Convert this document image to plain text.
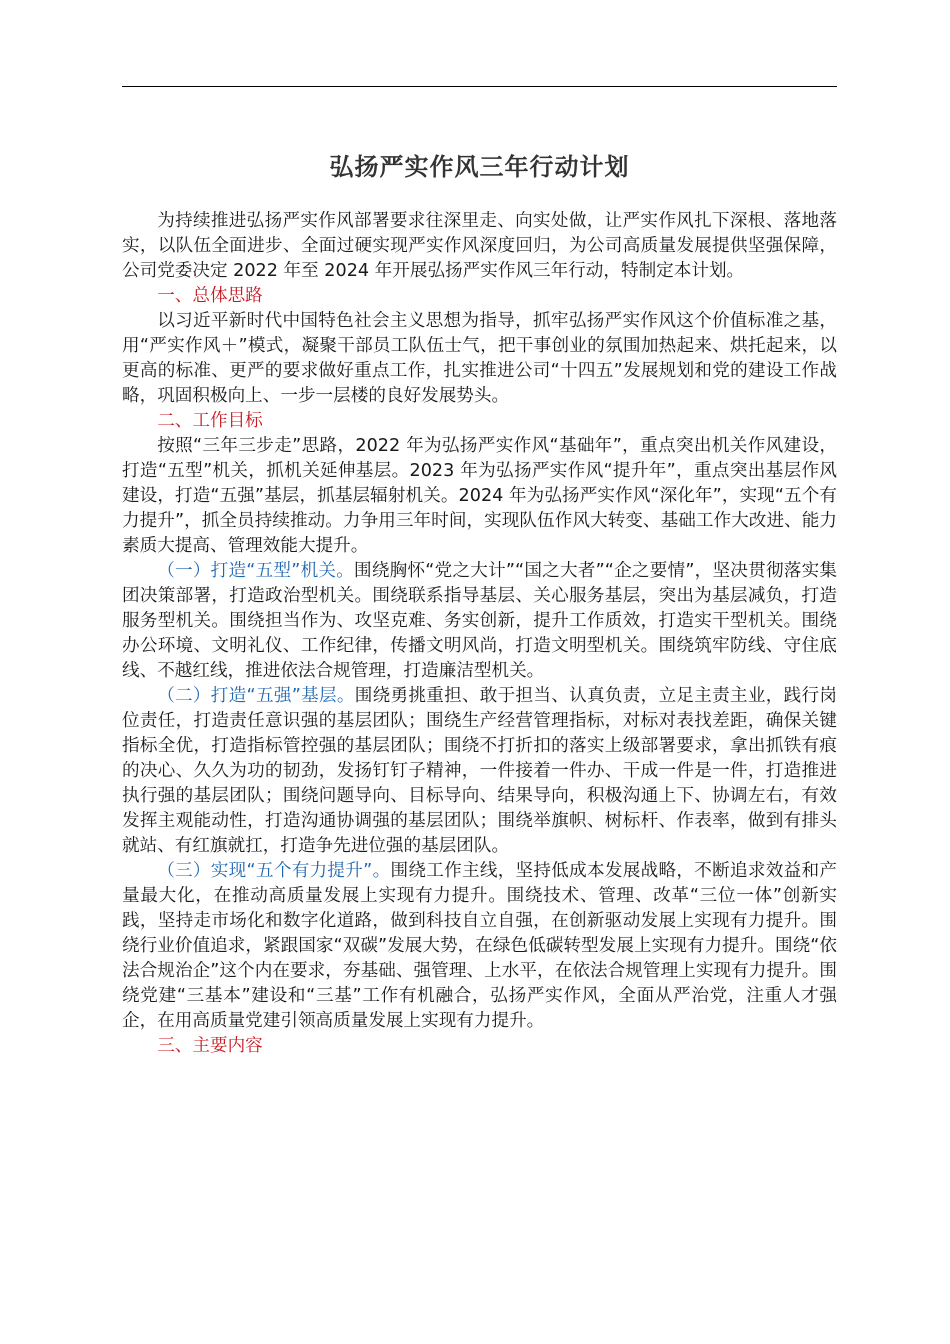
弘扬严实作风三年行动计划

为持续推进弘扬严实作风部署要求往深里走、向实处做，让严实作风扎下深根、落地落实，以队伍全面进步、全面过硬实现严实作风深度回归，为公司高质量发展提供坚强保障，公司党委决定 2022 年至 2024 年开展弘扬严实作风三年行动，特制定本计划。

一、总体思路

以习近平新时代中国特色社会主义思想为指导，抓牢弘扬严实作风这个价值标准之基，用“严实作风＋”模式，凝聚干部员工队伍士气，把干事创业的氛围加热起来、烘托起来，以更高的标准、更严的要求做好重点工作，扎实推进公司“十四五”发展规划和党的建设工作战略，巩固积极向上、一步一层楼的良好发展势头。

二、工作目标

按照“三年三步走”思路，2022 年为弘扬严实作风“基础年”，重点突出机关作风建设，打造“五型”机关，抓机关延伸基层。2023 年为弘扬严实作风“提升年”，重点突出基层作风建设，打造“五强”基层，抓基层辐射机关。2024 年为弘扬严实作风“深化年”，实现“五个有力提升”，抓全员持续推动。力争用三年时间，实现队伍作风大转变、基础工作大改进、能力素质大提高、管理效能大提升。

（一）打造“五型”机关。围绕胸怀“党之大计”“国之大者”“企之要情”，坚决贯彻落实集团决策部署，打造政治型机关。围绕联系指导基层、关心服务基层，突出为基层减负，打造服务型机关。围绕担当作为、攻坚克难、务实创新，提升工作质效，打造实干型机关。围绕办公环境、文明礼仪、工作纪律，传播文明风尚，打造文明型机关。围绕筑牢防线、守住底线、不越红线，推进依法合规管理，打造廉洁型机关。

（二）打造“五强”基层。围绕勇挑重担、敢于担当、认真负责，立足主责主业，践行岗位责任，打造责任意识强的基层团队；围绕生产经营管理指标，对标对表找差距，确保关键指标全优，打造指标管控强的基层团队；围绕不打折扣的落实上级部署要求，拿出抓铁有痕的决心、久久为功的韧劲，发扬钉钉子精神，一件接着一件办、干成一件是一件，打造推进执行强的基层团队；围绕问题导向、目标导向、结果导向，积极沟通上下、协调左右，有效发挥主观能动性，打造沟通协调强的基层团队；围绕举旗帜、树标杆、作表率，做到有排头就站、有红旗就扛，打造争先进位强的基层团队。

（三）实现“五个有力提升”。围绕工作主线，坚持低成本发展战略，不断追求效益和产量最大化，在推动高质量发展上实现有力提升。围绕技术、管理、改革“三位一体”创新实践，坚持走市场化和数字化道路，做到科技自立自强，在创新驱动发展上实现有力提升。围绕行业价值追求，紧跟国家“双碳”发展大势，在绿色低碳转型发展上实现有力提升。围绕“依法合规治企”这个内在要求，夯基础、强管理、上水平，在依法合规管理上实现有力提升。围绕党建“三基本”建设和“三基”工作有机融合，弘扬严实作风，全面从严治党，注重人才强企，在用高质量党建引领高质量发展上实现有力提升。

三、主要内容
